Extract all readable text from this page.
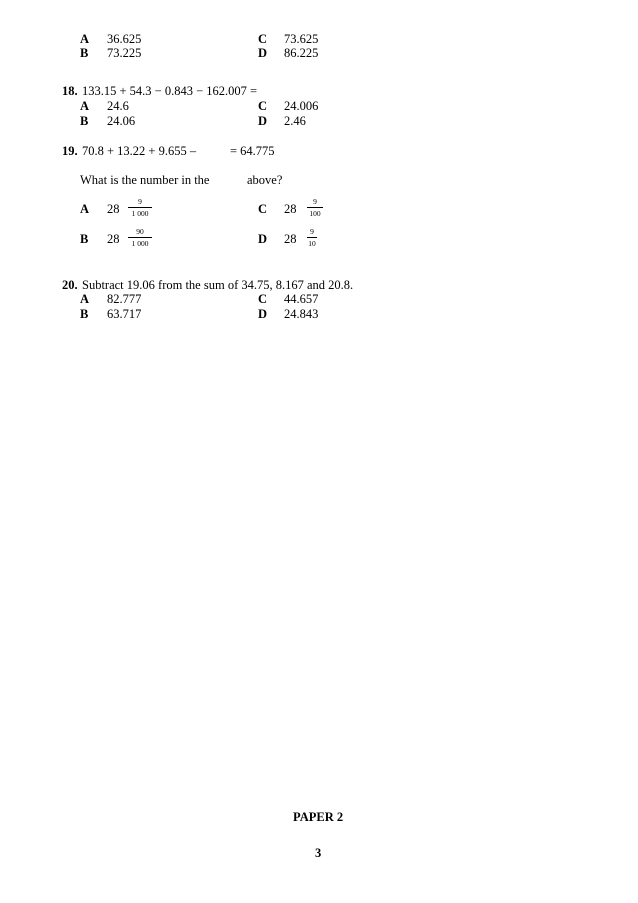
A 36.625	C 73.625
B 73.225	D 86.225
18. 133.15 + 54.3 − 0.843 − 162.007 =
A 24.6	C 24.006
B 24.06	D 2.46
19. 70.8 + 13.22 + 9.655 –	= 64.775
What is the number in the	above?
A $28 \frac{9}{1 000}$	C $28 \frac{9}{100}$
B $28 \frac{90}{1 000}$	D $28 \frac{9}{10}$
20. Subtract 19.06 from the sum of 34.75, 8.167 and 20.8.
A 82.777	C 44.657
B 63.717	D 24.843
PAPER 2
3
